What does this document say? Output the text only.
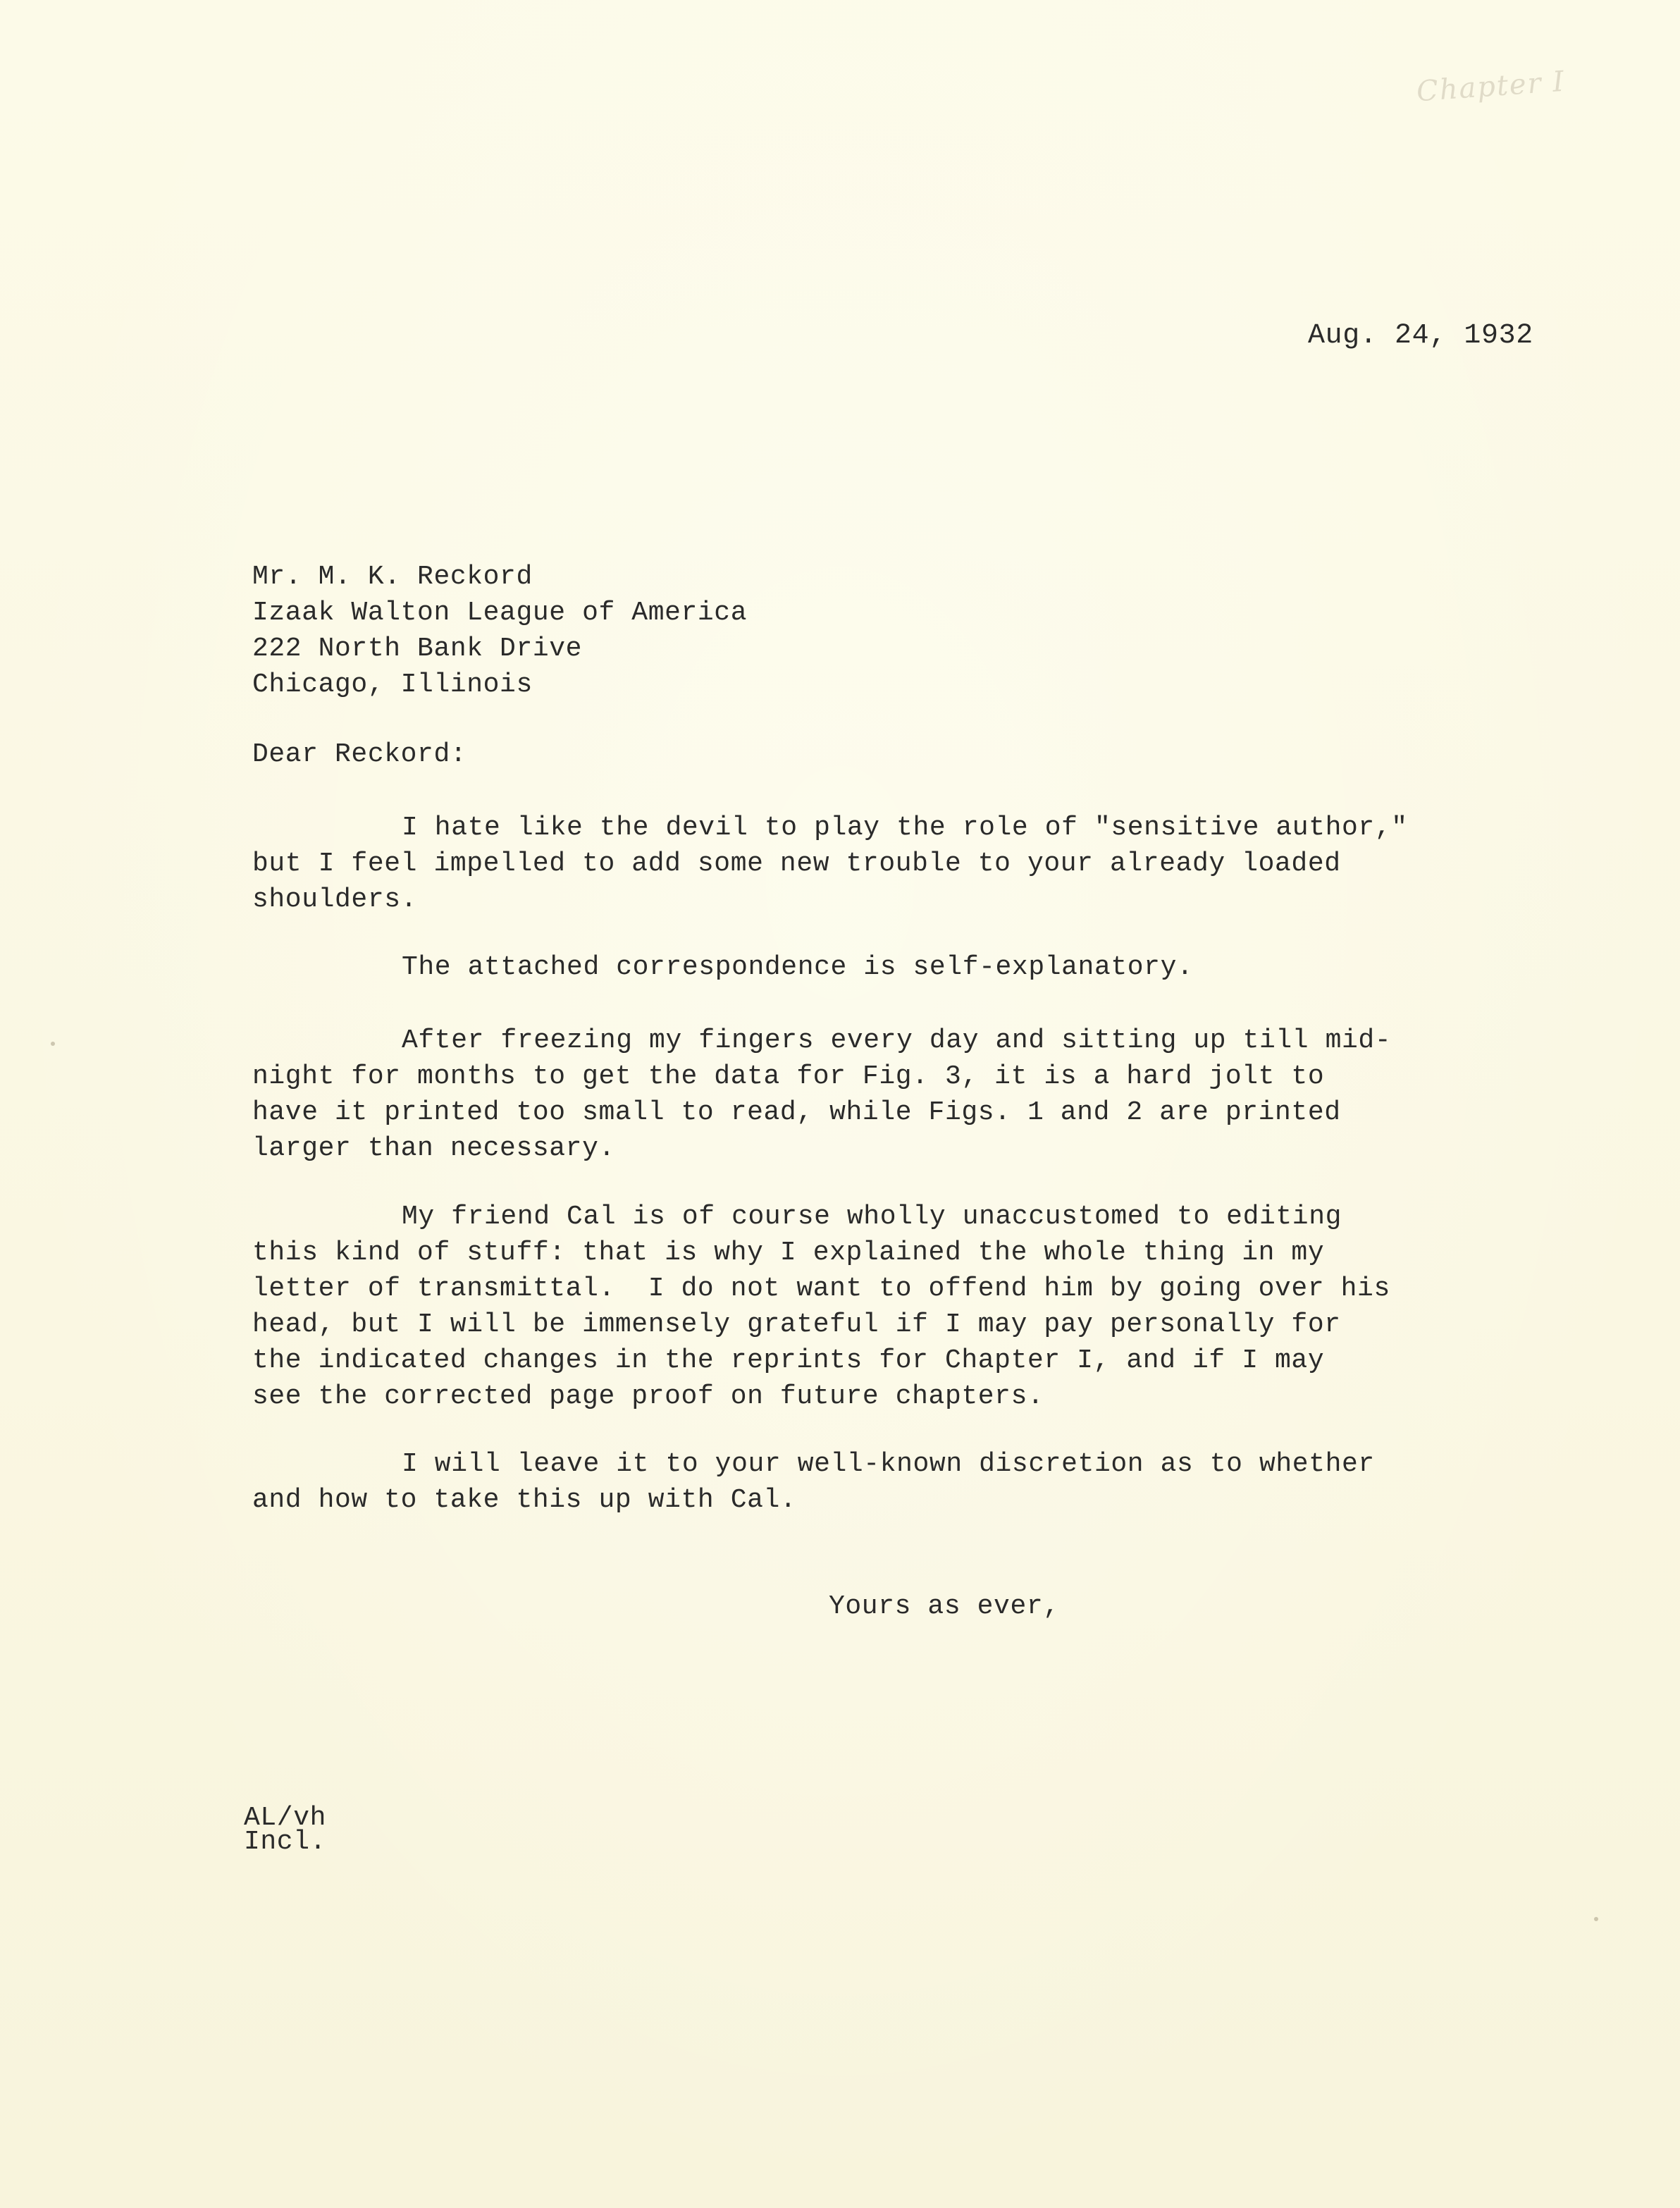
Chapter I
Aug. 24, 1932
Mr. M. K. Reckord
Izaak Walton League of America
222 North Bank Drive
Chicago, Illinois
Dear Reckord:
I hate like the devil to play the role of "sensitive author,"
but I feel impelled to add some new trouble to your already loaded
shoulders.
The attached correspondence is self-explanatory.
After freezing my fingers every day and sitting up till mid-
night for months to get the data for Fig. 3, it is a hard jolt to
have it printed too small to read, while Figs. 1 and 2 are printed
larger than necessary.
My friend Cal is of course wholly unaccustomed to editing
this kind of stuff: that is why I explained the whole thing in my
letter of transmittal.  I do not want to offend him by going over his
head, but I will be immensely grateful if I may pay personally for
the indicated changes in the reprints for Chapter I, and if I may
see the corrected page proof on future chapters.
I will leave it to your well-known discretion as to whether
and how to take this up with Cal.
Yours as ever,
AL/vh
Incl.
